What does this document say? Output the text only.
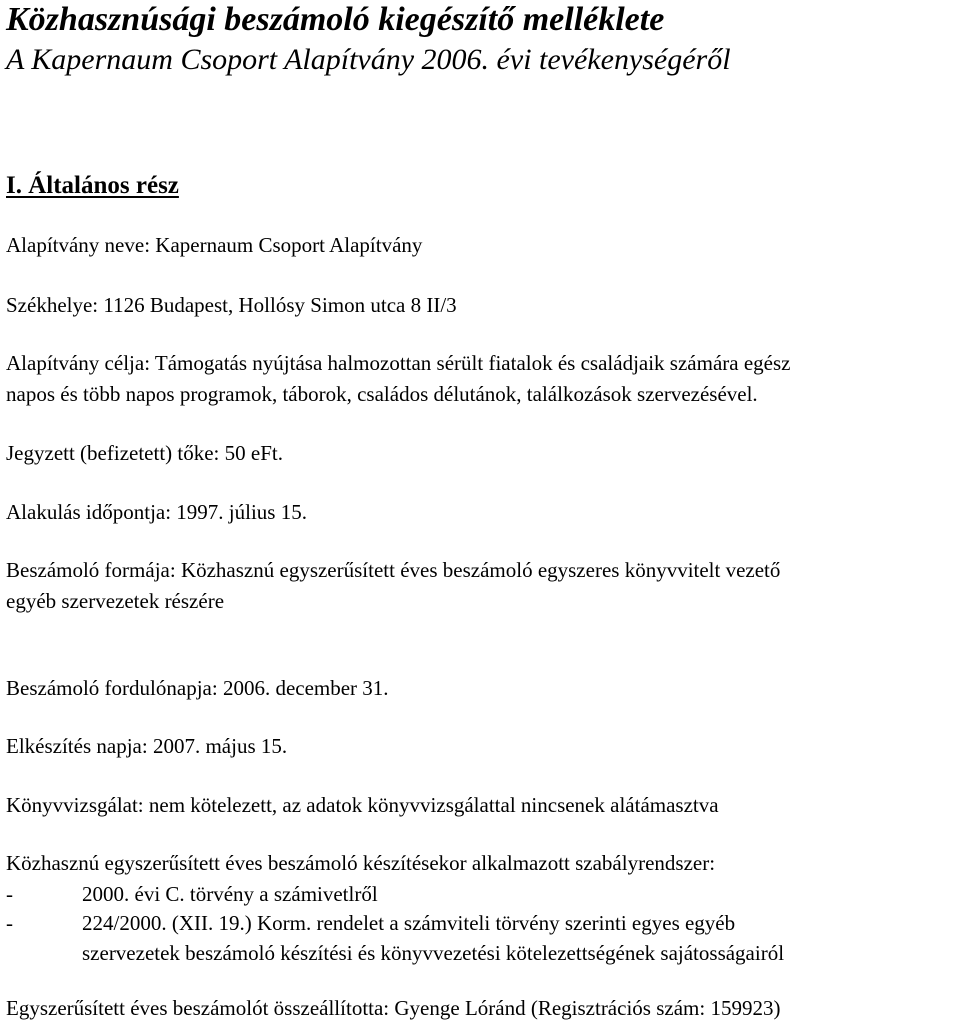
Közhasznúsági beszámoló kiegészítő melléklete
A Kapernaum Csoport Alapítvány 2006. évi tevékenységéről
I. Általános rész
Alapítvány neve: Kapernaum Csoport Alapítvány
Székhelye: 1126 Budapest, Hollósy Simon utca 8 II/3
Alapítvány célja: Támogatás nyújtása halmozottan sérült fiatalok és családjaik számára egész
napos és több napos programok, táborok, családos délutánok, találkozások szervezésével.
Jegyzett (befizetett) tőke: 50 eFt.
Alakulás időpontja: 1997. július 15.
Beszámoló formája: Közhasznú egyszerűsített éves beszámoló egyszeres könyvvitelt vezető
egyéb szervezetek részére
Beszámoló fordulónapja: 2006. december 31.
Elkészítés napja: 2007. május 15.
Könyvvizsgálat: nem kötelezett, az adatok könyvvizsgálattal nincsenek alátámasztva
Közhasznú egyszerűsített éves beszámoló készítésekor alkalmazott szabályrendszer:
-	2000. évi C. törvény a számivetlről
-	224/2000. (XII. 19.) Korm. rendelet a számviteli törvény szerinti egyes egyéb
szervezetek beszámoló készítési és könyvvezetési kötelezettségének sajátosságairól
Egyszerűsített éves beszámolót összeállította: Gyenge Lóránd (Regisztrációs szám: 159923)
